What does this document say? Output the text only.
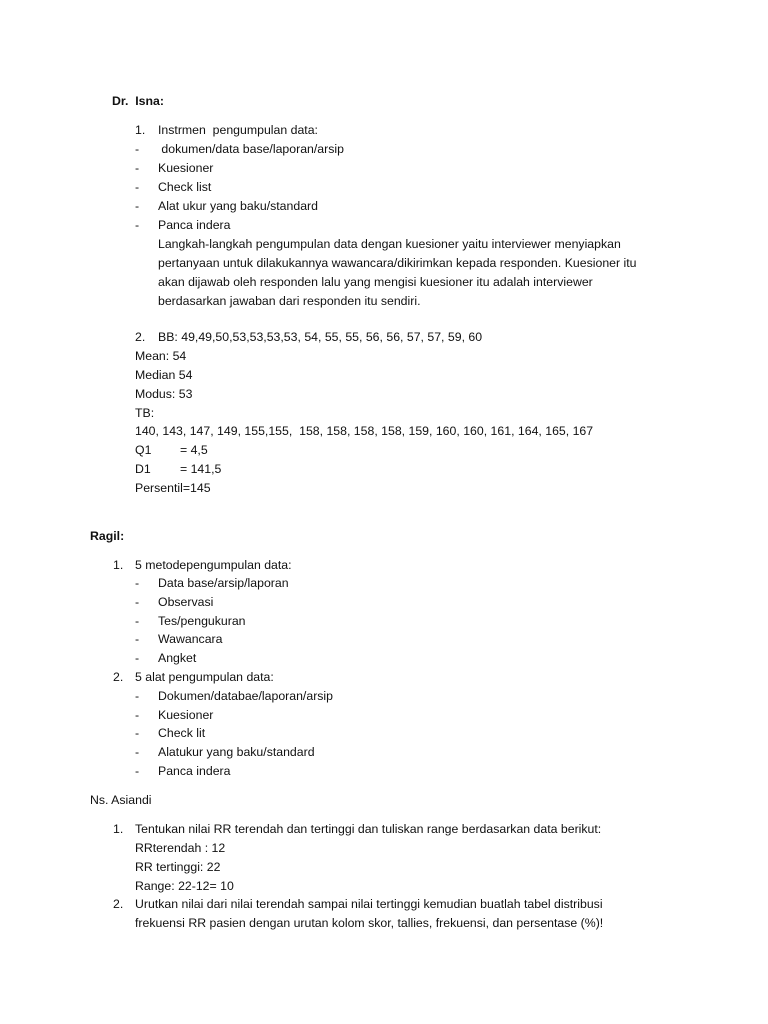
Dr.  Isna:
1. Instrmen  pengumpulan data:
- dokumen/data base/laporan/arsip
- Kuesioner
- Check list
- Alat ukur yang baku/standard
- Panca indera
Langkah-langkah pengumpulan data dengan kuesioner yaitu interviewer menyiapkan
pertanyaan untuk dilakukannya wawancara/dikirimkan kepada responden. Kuesioner itu
akan dijawab oleh responden lalu yang mengisi kuesioner itu adalah interviewer
berdasarkan jawaban dari responden itu sendiri.
2. BB: 49,49,50,53,53,53,53, 54, 55, 55, 56, 56, 57, 57, 59, 60
Mean: 54
Median 54
Modus: 53
TB:
140, 143, 147, 149, 155,155,  158, 158, 158, 158, 159, 160, 160, 161, 164, 165, 167
Q1 = 4,5
D1 = 141,5
Persentil=145
Ragil:
1. 5 metodepengumpulan data:
- Data base/arsip/laporan
- Observasi
- Tes/pengukuran
- Wawancara
- Angket
2. 5 alat pengumpulan data:
- Dokumen/databae/laporan/arsip
- Kuesioner
- Check lit
- Alatukur yang baku/standard
- Panca indera
Ns. Asiandi
1. Tentukan nilai RR terendah dan tertinggi dan tuliskan range berdasarkan data berikut:
RRterendah : 12
RR tertinggi: 22
Range: 22-12= 10
2. Urutkan nilai dari nilai terendah sampai nilai tertinggi kemudian buatlah tabel distribusi
frekuensi RR pasien dengan urutan kolom skor, tallies, frekuensi, dan persentase (%)!
